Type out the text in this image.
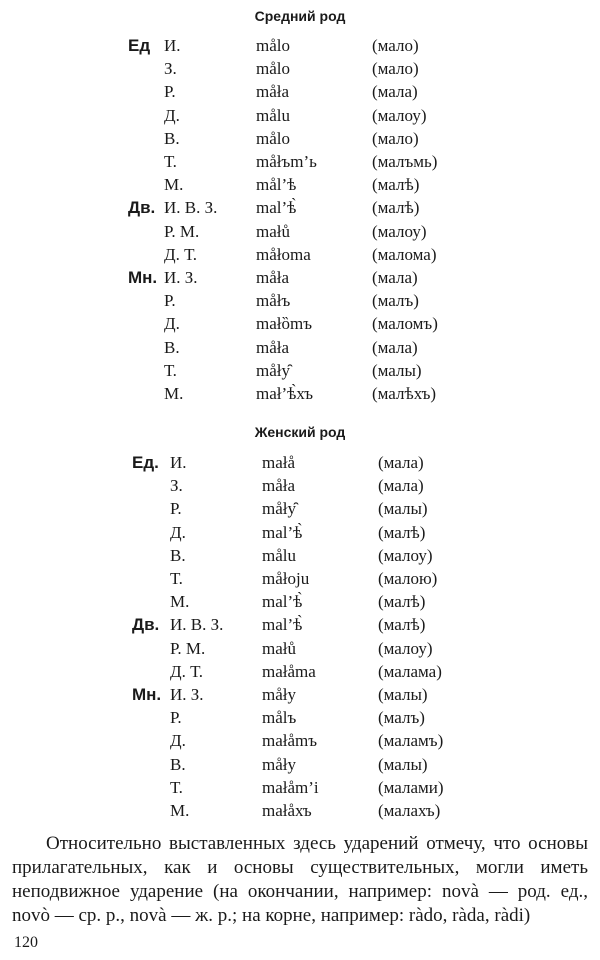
Средний род
Ед И.	målo	(мало)
З.	målo	(мало)
Р.	måła	(мала)
Д.	målu	(малоу)
В.	målo	(мало)
Т.	måłъm’ь	(малъмь)
М.	mål’ѣ	(малѣ)
Дв. И. В. З. mal’ѣ̀	(малѣ)
Р. М.	małů	(малоу)
Д. Т.	måłoma	(малома)
Мн. И. З.	måła	(мала)
Р.	måłъ	(малъ)
Д.	małȍmъ	(маломъ)
В.	måła	(мала)
Т.	måły̑	(малы)
М.	mał’ѣ̀хъ	(малѣхъ)
Женский род
Ед. И.	małå	(мала)
З.	måła	(мала)
Р.	måły̑	(малы)
Д.	mal’ѣ̀	(малѣ)
В.	målu	(малоу)
Т.	måłoju	(малою)
М.	mal’ѣ̀	(малѣ)
Дв. И. В. З. mal’ѣ̀	(малѣ)
Р. М.	małů	(малоу)
Д. Т.	małåma	(малама)
Мн. И. З.	måły	(малы)
Р.	målъ	(малъ)
Д.	małåmъ	(маламъ)
В.	måły	(малы)
Т.	małåm’i	(малами)
М.	małåхъ	(малахъ)

Относительно выставленных здесь ударений отмечу, что основы прилагательных, как и основы существительных, могли иметь неподвижное ударение (на окончании, например: novà — род. ед., novò — ср. р., novà — ж. р.; на корне, например: ràdo, ràda, ràdi)

120
